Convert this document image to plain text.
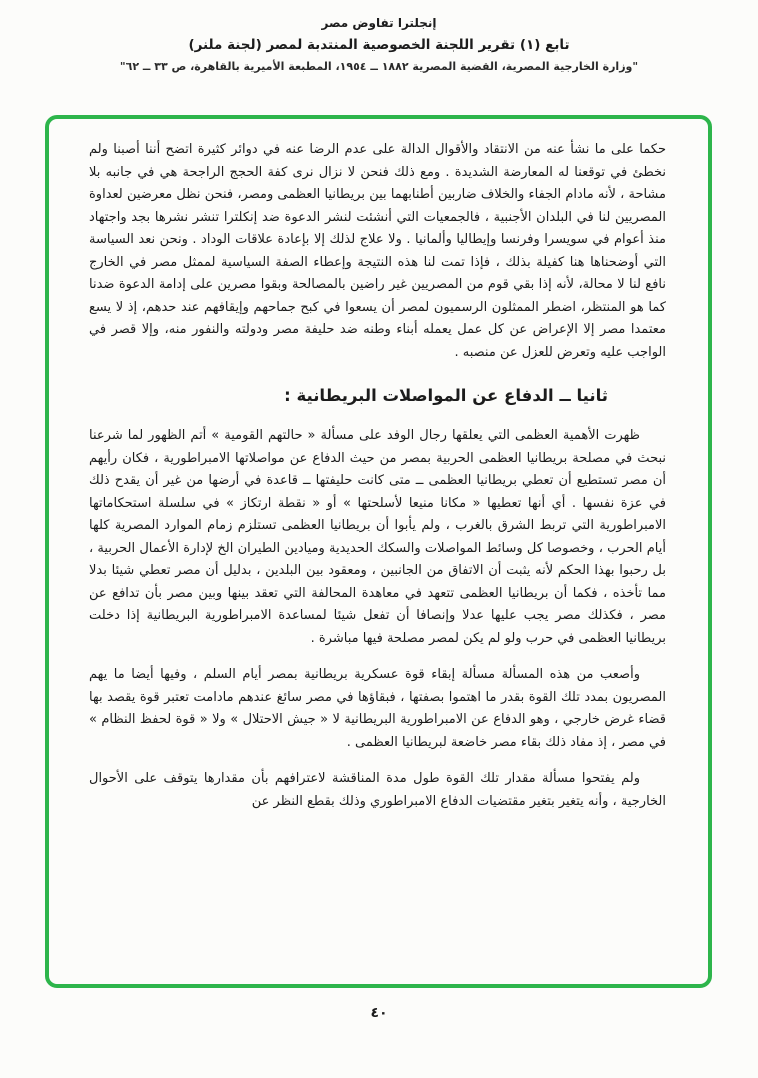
إنجلترا تفاوض مصر
تابع (١) تقرير اللجنة الخصوصية المنتدبة لمصر (لجنة ملنر)
"وزارة الخارجية المصرية، القضية المصرية ١٨٨٢ ــ ١٩٥٤، المطبعة الأميرية بالقاهرة، ص ٣٣ ــ ٦٢"

حكما على ما نشأ عنه من الانتقاد والأقوال الدالة على عدم الرضا عنه في دوائر كثيرة اتضح أننا أصبنا ولم نخطئ في توقعنا له المعارضة الشديدة . ومع ذلك فنحن لا نزال نرى كفة الحجج الراجحة هي في جانبه بلا مشاحة ، لأنه مادام الجفاء والخلاف ضاربين أطنابهما بين بريطانيا العظمى ومصر، فنحن نظل معرضين لعداوة المصريين لنا في البلدان الأجنبية ، فالجمعيات التي أنشئت لنشر الدعوة ضد إنكلترا تنشر نشرها بجد واجتهاد منذ أعوام في سويسرا وفرنسا وإيطاليا وألمانيا . ولا علاج لذلك إلا بإعادة علاقات الوداد . ونحن نعد السياسة التي أوضحناها هنا كفيلة بذلك ، فإذا تمت لنا هذه النتيجة وإعطاء الصفة السياسية لممثل مصر في الخارج نافع لنا لا محالة، لأنه إذا بقي قوم من المصريين غير راضين بالمصالحة وبقوا مصرين على إدامة الدعوة ضدنا كما هو المنتظر، اضطر الممثلون الرسميون لمصر أن يسعوا في كبح جماحهم وإيقافهم عند حدهم، إذ لا يسع معتمدا مصر إلا الإعراض عن كل عمل يعمله أبناء وطنه ضد حليفة مصر ودولته والنفور منه، وإلا قصر في الواجب عليه وتعرض للعزل عن منصبه .

ثانيا ــ الدفاع عن المواصلات البريطانية :

ظهرت الأهمية العظمى التي يعلقها رجال الوفد على مسألة « حالتهم القومية » أتم الظهور لما شرعنا نبحث في مصلحة بريطانيا العظمى الحربية بمصر من حيث الدفاع عن مواصلاتها الامبراطورية ، فكان رأيهم أن مصر تستطيع أن تعطي بريطانيا العظمى ــ متى كانت حليفتها ــ قاعدة في أرضها من غير أن يقدح ذلك في عزة نفسها . أي أنها تعطيها « مكانا منيعا لأسلحتها » أو « نقطة ارتكاز » في سلسلة استحكاماتها الامبراطورية التي تربط الشرق بالغرب ، ولم يأبوا أن بريطانيا العظمى تستلزم زمام الموارد المصرية كلها أيام الحرب ، وخصوصا كل وسائط المواصلات والسكك الحديدية وميادين الطيران الخ لإدارة الأعمال الحربية ، بل رحبوا بهذا الحكم لأنه يثبت أن الاتفاق من الجانبين ، ومعقود بين البلدين ، بدليل أن مصر تعطي شيئا بدلا مما تأخذه ، فكما أن بريطانيا العظمى تتعهد في معاهدة المحالفة التي تعقد بينها وبين مصر بأن تدافع عن مصر ، فكذلك مصر يجب عليها عدلا وإنصافا أن تفعل شيئا لمساعدة الامبراطورية البريطانية إذا دخلت بريطانيا العظمى في حرب ولو لم يكن لمصر مصلحة فيها مباشرة .

وأصعب من هذه المسألة مسألة إبقاء قوة عسكرية بريطانية بمصر أيام السلم ، وفيها أيضا ما يهم المصريون بمدد تلك القوة بقدر ما اهتموا بصفتها ، فبقاؤها في مصر سائغ عندهم مادامت تعتبر قوة يقصد بها قضاء غرض خارجي ، وهو الدفاع عن الامبراطورية البريطانية لا « جيش الاحتلال » ولا « قوة لحفظ النظام » في مصر ، إذ مفاد ذلك بقاء مصر خاضعة لبريطانيا العظمى .

ولم يفتحوا مسألة مقدار تلك القوة طول مدة المناقشة لاعترافهم بأن مقدارها يتوقف على الأحوال الخارجية ، وأنه يتغير بتغير مقتضيات الدفاع الامبراطوري وذلك بقطع النظر عن

٤٠
